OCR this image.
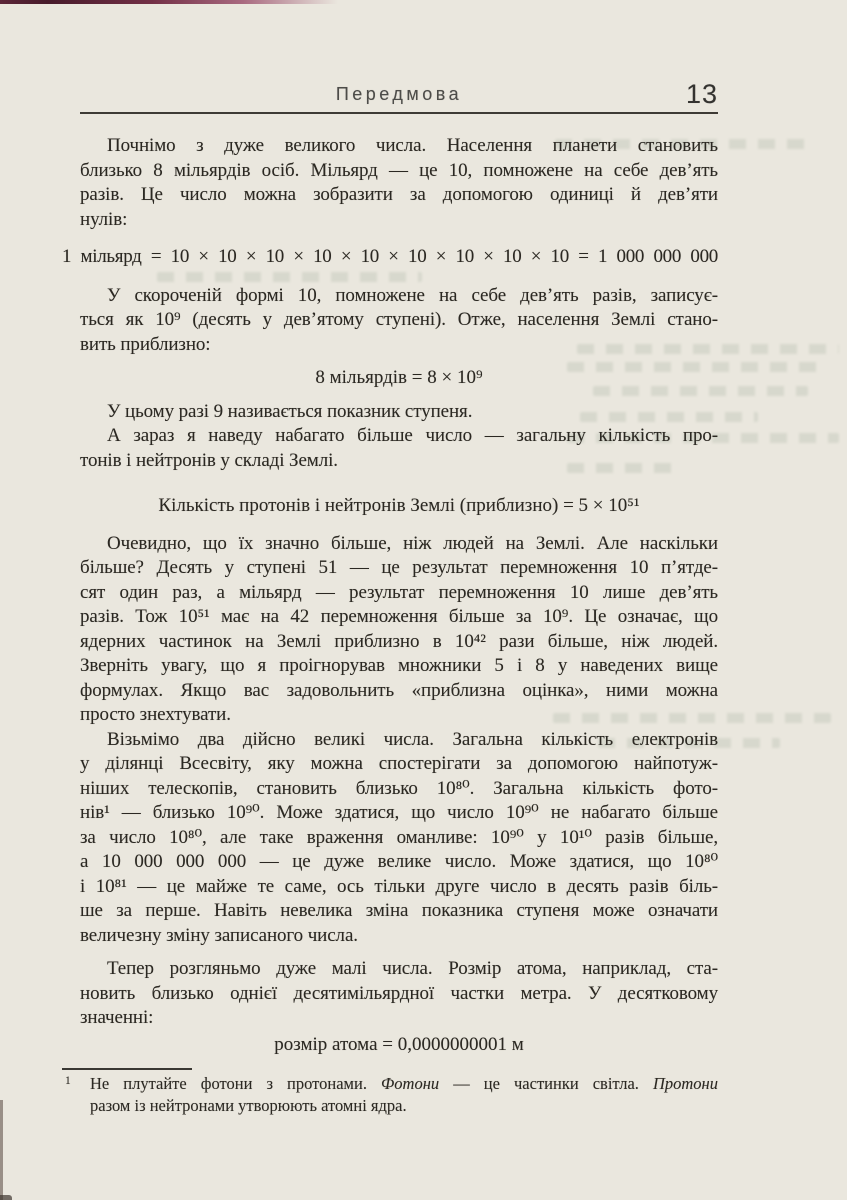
Передмова	13
Почнімо з дуже великого числа. Населення планети становить
близько 8 мільярдів осіб. Мільярд — це 10, помножене на себе дев’ять
разів. Це число можна зобразити за допомогою одиниці й дев’яти
нулів:
1 мільярд = 10 × 10 × 10 × 10 × 10 × 10 × 10 × 10 × 10 = 1 000 000 000
У скороченій формі 10, помножене на себе дев’ять разів, записує-
ться як 10⁹ (десять у дев’ятому ступені). Отже, населення Землі стано-
вить приблизно:
8 мільярдів = 8 × 10⁹
У цьому разі 9 називається показник ступеня.
А зараз я наведу набагато більше число — загальну кількість про-
тонів і нейтронів у складі Землі.
Кількість протонів і нейтронів Землі (приблизно) = 5 × 10⁵¹
Очевидно, що їх значно більше, ніж людей на Землі. Але наскільки
більше? Десять у ступені 51 — це результат перемноження 10 п’ятде-
сят один раз, а мільярд — результат перемноження 10 лише дев’ять
разів. Тож 10⁵¹ має на 42 перемноження більше за 10⁹. Це означає, що
ядерних частинок на Землі приблизно в 10⁴² рази більше, ніж людей.
Зверніть увагу, що я проігнорував множники 5 і 8 у наведених вище
формулах. Якщо вас задовольнить «приблизна оцінка», ними можна
просто знехтувати.
Візьмімо два дійсно великі числа. Загальна кількість електронів
у ділянці Всесвіту, яку можна спостерігати за допомогою найпотуж-
ніших телескопів, становить близько 10⁸⁰. Загальна кількість фото-
нів¹ — близько 10⁹⁰. Може здатися, що число 10⁹⁰ не набагато більше
за число 10⁸⁰, але таке враження оманливе: 10⁹⁰ у 10¹⁰ разів більше,
а 10 000 000 000 — це дуже велике число. Може здатися, що 10⁸⁰
і 10⁸¹ — це майже те саме, ось тільки друге число в десять разів біль-
ше за перше. Навіть невелика зміна показника ступеня може означати
величезну зміну записаного числа.
Тепер розгляньмо дуже малі числа. Розмір атома, наприклад, ста-
новить близько однієї десятимільярдної частки метра. У десятковому
значенні:
розмір атома = 0,0000000001 м
1 Не плутайте фотони з протонами. Фотони — це частинки світла. Протони
разом із нейтронами утворюють атомні ядра.
